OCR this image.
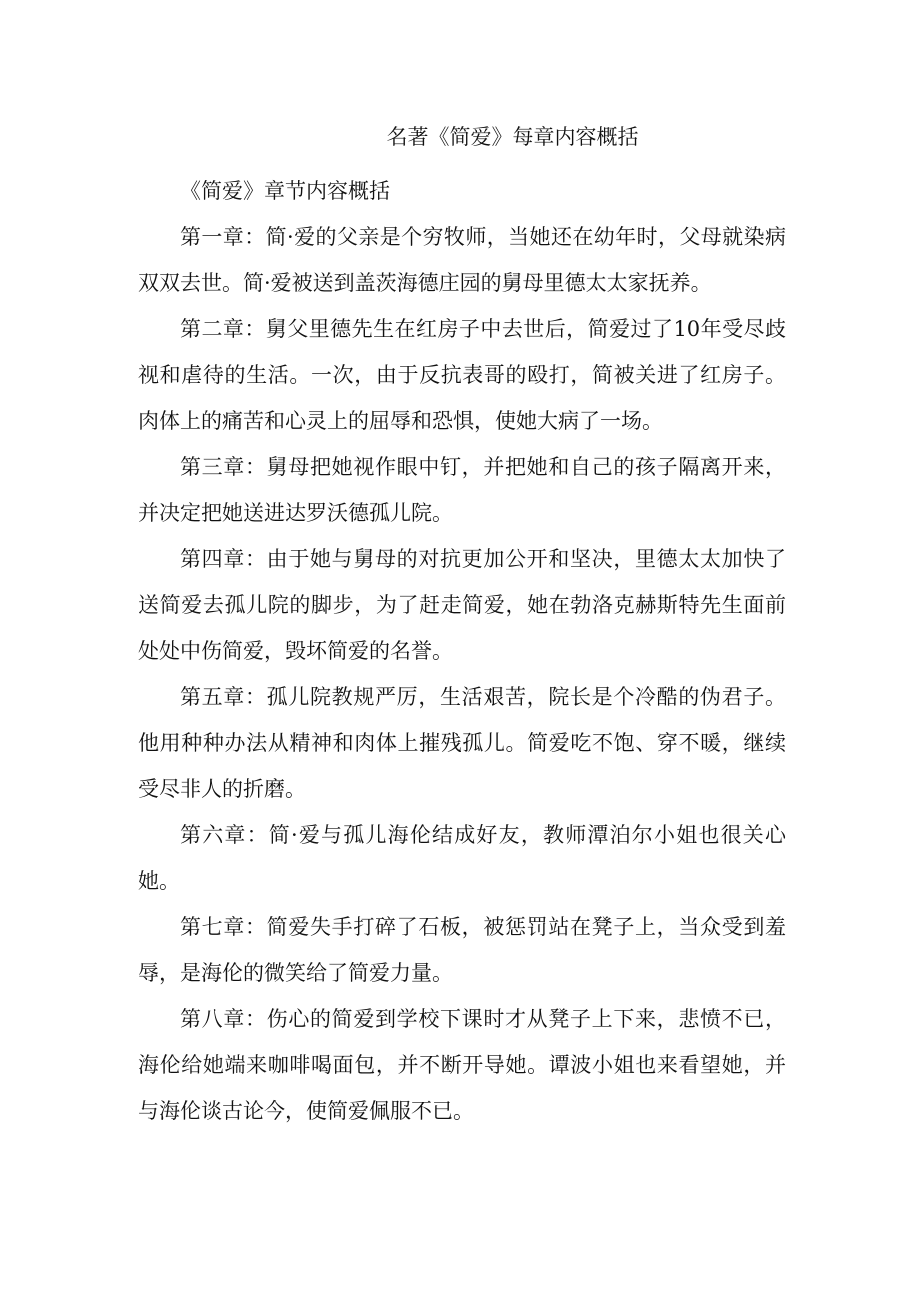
名著《简爱》每章内容概括

《简爱》章节内容概括

第一章：简·爱的父亲是个穷牧师，当她还在幼年时，父母就染病双双去世。简·爱被送到盖茨海德庄园的舅母里德太太家抚养。

第二章：舅父里德先生在红房子中去世后，简爱过了10年受尽歧视和虐待的生活。一次，由于反抗表哥的殴打，简被关进了红房子。肉体上的痛苦和心灵上的屈辱和恐惧，使她大病了一场。

第三章：舅母把她视作眼中钉，并把她和自己的孩子隔离开来，并决定把她送进达罗沃德孤儿院。

第四章：由于她与舅母的对抗更加公开和坚决，里德太太加快了送简爱去孤儿院的脚步，为了赶走简爱，她在勃洛克赫斯特先生面前处处中伤简爱，毁坏简爱的名誉。

第五章：孤儿院教规严厉，生活艰苦，院长是个冷酷的伪君子。他用种种办法从精神和肉体上摧残孤儿。简爱吃不饱、穿不暖，继续受尽非人的折磨。

第六章：简·爱与孤儿海伦结成好友，教师潭泊尔小姐也很关心她。

第七章：简爱失手打碎了石板，被惩罚站在凳子上，当众受到羞辱，是海伦的微笑给了简爱力量。

第八章：伤心的简爱到学校下课时才从凳子上下来，悲愤不已，海伦给她端来咖啡喝面包，并不断开导她。谭波小姐也来看望她，并与海伦谈古论今，使简爱佩服不已。
